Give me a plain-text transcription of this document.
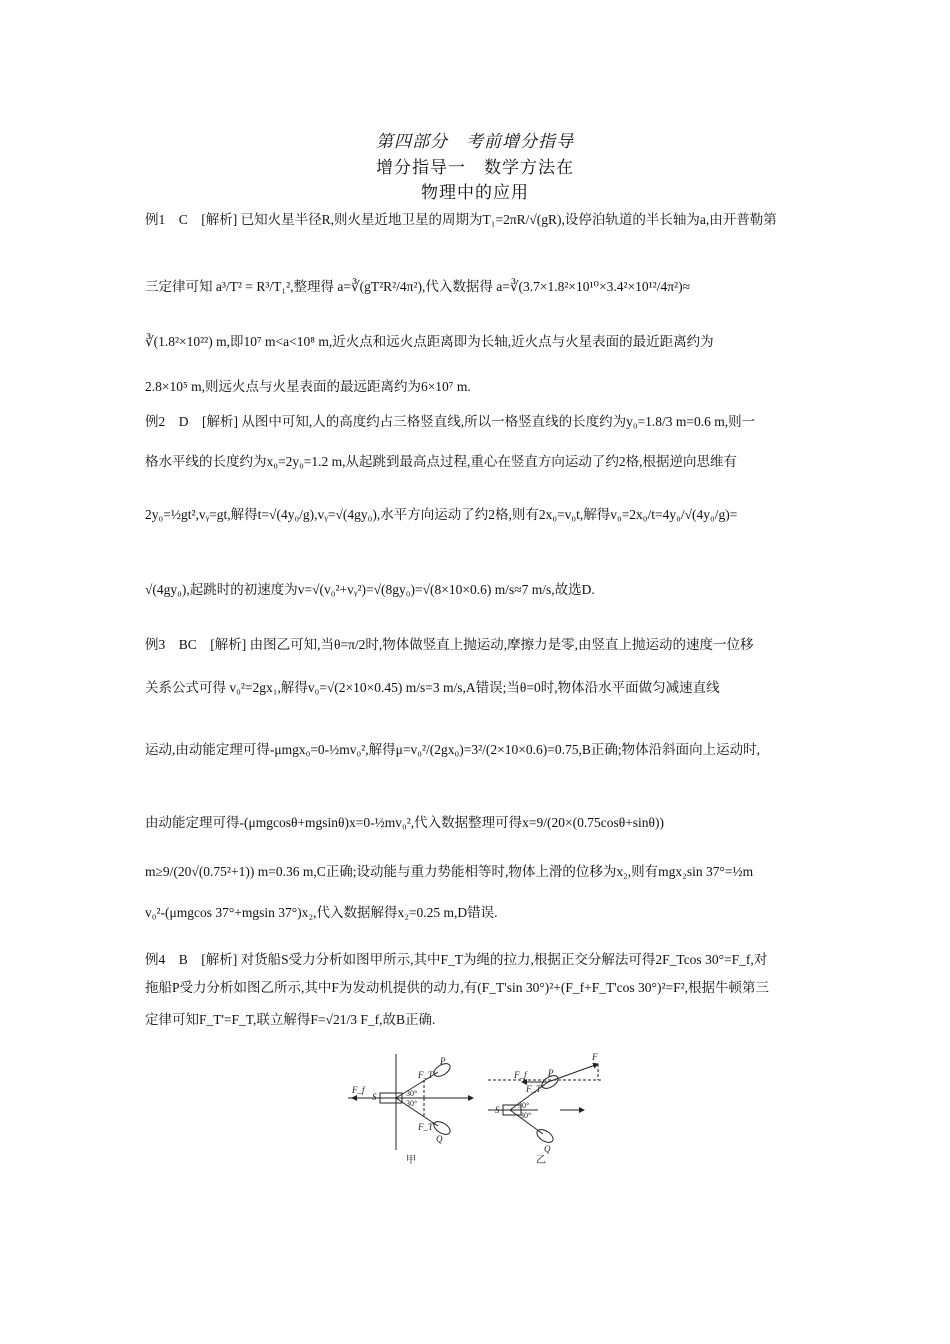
第四部分　考前增分指导
增分指导一　数学方法在
物理中的应用
例1　C　[解析] 已知火星半径R,则火星近地卫星的周期为T₁=2πR/√(gR),设停泊轨道的半长轴为a,由开普勒第
三定律可知 a³/T² = R³/T₁²,整理得 a=∛(gT²R²/4π²),代入数据得 a=∛(3.7×1.8²×10¹⁰×3.4²×10¹²/4π²)≈
∛(1.8²×10²²) m,即10⁷ m<a<10⁸ m,近火点和远火点距离即为长轴,近火点与火星表面的最近距离约为
2.8×10⁵ m,则远火点与火星表面的最远距离约为6×10⁷ m.
例2　D　[解析] 从图中可知,人的高度约占三格竖直线,所以一格竖直线的长度约为y₀=1.8/3 m=0.6 m,则一
格水平线的长度约为x₀=2y₀=1.2 m,从起跳到最高点过程,重心在竖直方向运动了约2格,根据逆向思维有
2y₀=½gt²,vᵧ=gt,解得t=√(4y₀/g),vᵧ=√(4gy₀),水平方向运动了约2格,则有2x₀=v₀t,解得v₀=2x₀/t=4y₀/√(4y₀/g)=
√(4gy₀),起跳时的初速度为v=√(v₀²+vᵧ²)=√(8gy₀)=√(8×10×0.6) m/s≈7 m/s,故选D.
例3　BC　[解析] 由图乙可知,当θ=π/2时,物体做竖直上抛运动,摩擦力是零,由竖直上抛运动的速度一位移
关系公式可得 v₀²=2gx₁,解得v₀=√(2×10×0.45) m/s=3 m/s,A错误;当θ=0时,物体沿水平面做匀减速直线
运动,由动能定理可得-μmgx₀=0-½mv₀²,解得μ=v₀²/(2gx₀)=3²/(2×10×0.6)=0.75,B正确;物体沿斜面向上运动时,
由动能定理可得-(μmgcosθ+mgsinθ)x=0-½mv₀²,代入数据整理可得x=9/(20×(0.75cosθ+sinθ))
m≥9/(20√(0.75²+1)) m=0.36 m,C正确;设动能与重力势能相等时,物体上滑的位移为x₂,则有mgx₂sin 37°=½m
v₀²-(μmgcos 37°+mgsin 37°)x₂,代入数据解得x₂=0.25 m,D错误.
例4　B　[解析] 对货船S受力分析如图甲所示,其中F_T为绳的拉力,根据正交分解法可得2F_Tcos 30°=F_f,对
拖船P受力分析如图乙所示,其中F为发动机提供的动力,有(F_T'sin 30°)²+(F_f+F_T'cos 30°)²=F²,根据牛顿第三
定律可知F_T'=F_T,联立解得F=√21/3 F_f,故B正确.
F_f
F_T
F_T
S
P
Q
30°
30°
F_f
F_T'
F
P
S
Q
30°
30°
甲	乙
